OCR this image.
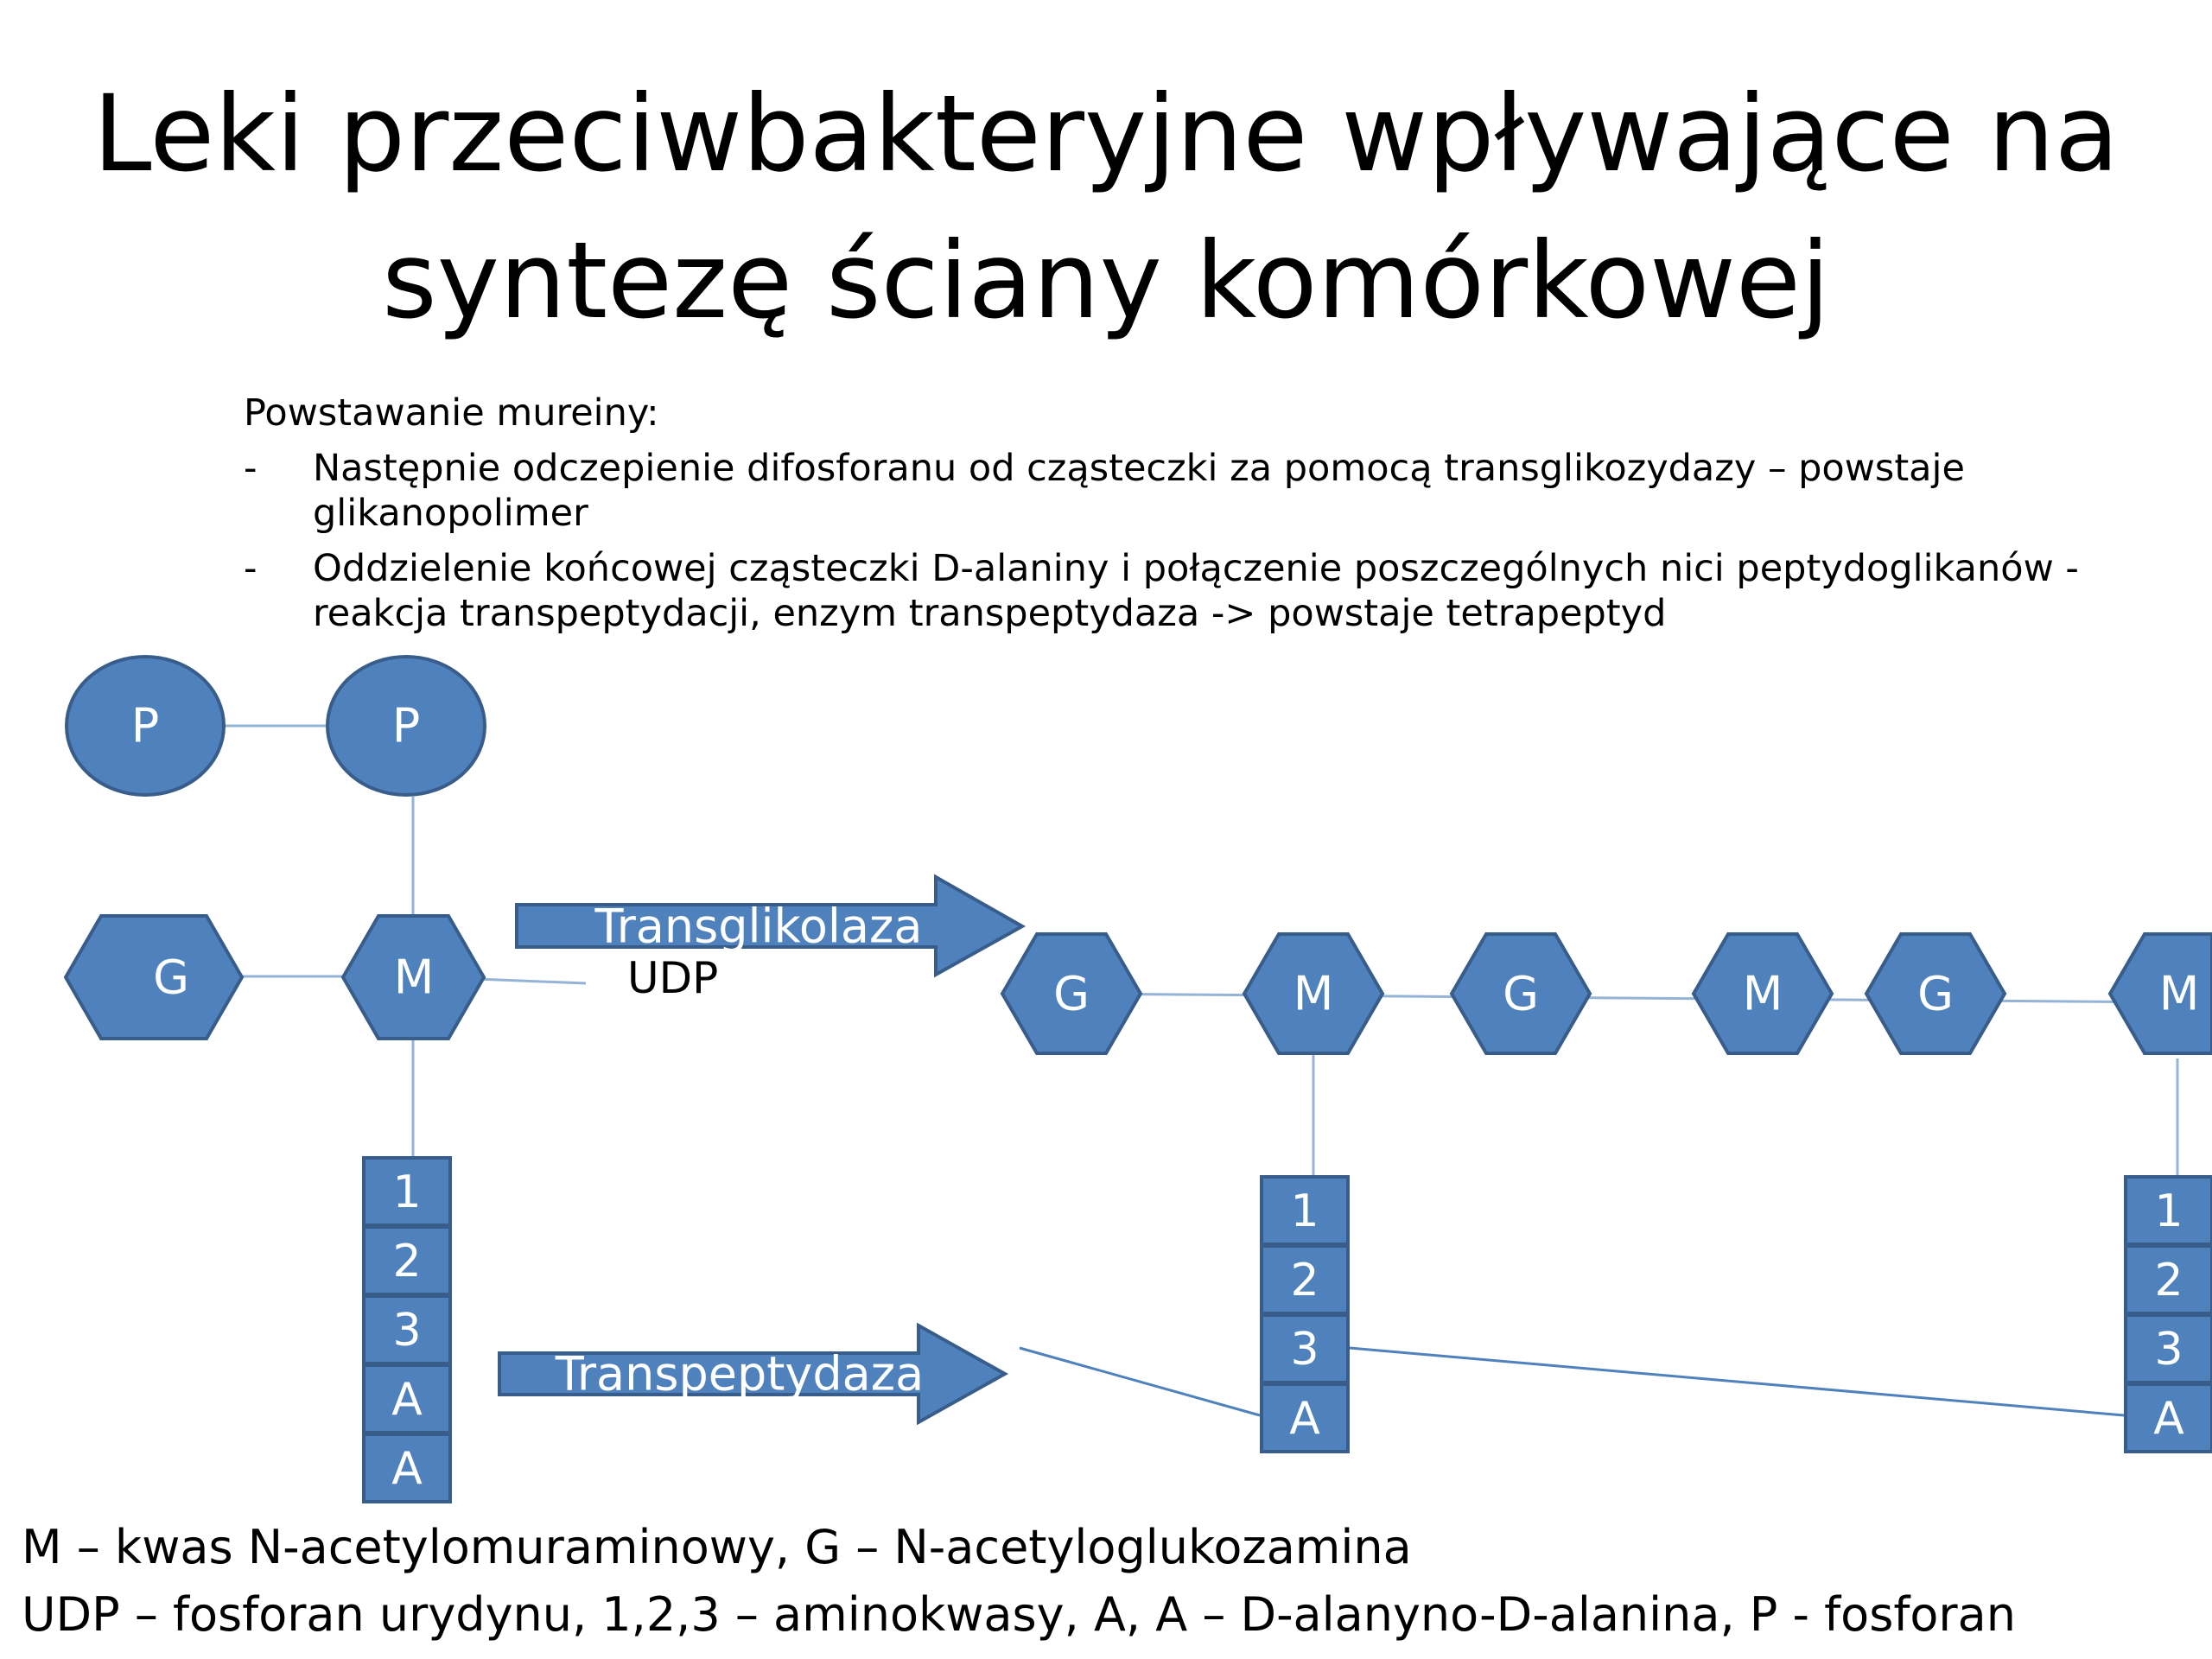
Leki przeciwbakteryjne wpływające na
syntezę ściany komórkowej
Powstawanie mureiny:
- Następnie odczepienie difosforanu od cząsteczki za pomocą transglikozydazy – powstaje glikanopolimer
- Oddzielenie końcowej cząsteczki D-alaniny i połączenie poszczególnych nici peptydoglikanów - reakcja transpeptydacji, enzym transpeptydaza -> powstaje tetrapeptyd
P	P
G	M	UDP
1
2
3
A
A
Transglikolaza
Transpeptydaza
G	M	G	M	G	M
1
2
3
A
1
2
3
A
M – kwas N-acetylomuraminowy, G – N-acetyloglukozamina
UDP – fosforan urydynu, 1,2,3 – aminokwasy, A, A – D-alanyno-D-alanina, P - fosforan
